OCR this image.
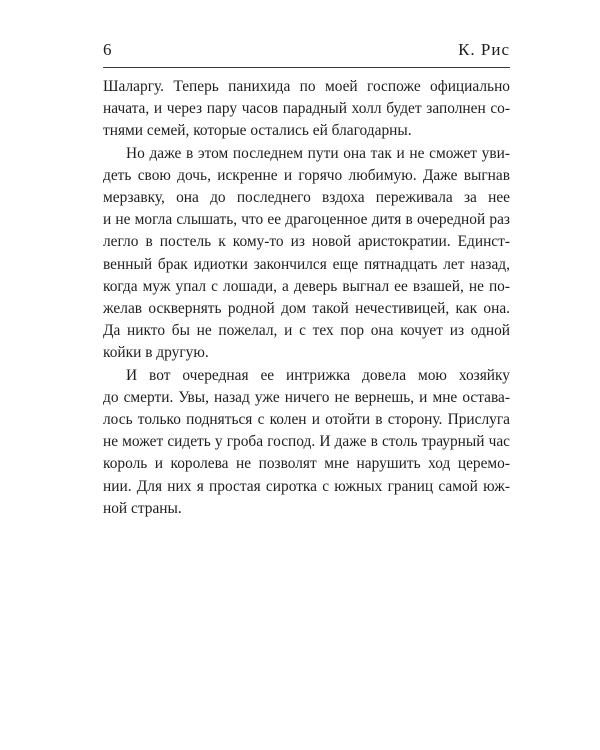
6	К. Рис

Шаларгу. Теперь панихида по моей госпоже официально
начата, и через пару часов парадный холл будет заполнен со-
тнями семей, которые остались ей благодарны.

Но даже в этом последнем пути она так и не сможет уви-
деть свою дочь, искренне и горячо любимую. Даже выгнав
мерзавку, она до последнего вздоха переживала за нее
и не могла слышать, что ее драгоценное дитя в очередной раз
легло в постель к кому-то из новой аристократии. Единст-
венный брак идиотки закончился еще пятнадцать лет назад,
когда муж упал с лошади, а деверь выгнал ее взашей, не по-
желав осквернять родной дом такой нечестивицей, как она.
Да никто бы не пожелал, и с тех пор она кочует из одной
койки в другую.

И вот очередная ее интрижка довела мою хозяйку
до смерти. Увы, назад уже ничего не вернешь, и мне остава-
лось только подняться с колен и отойти в сторону. Прислуга
не может сидеть у гроба господ. И даже в столь траурный час
король и королева не позволят мне нарушить ход церемо-
нии. Для них я простая сиротка с южных границ самой юж-
ной страны.
